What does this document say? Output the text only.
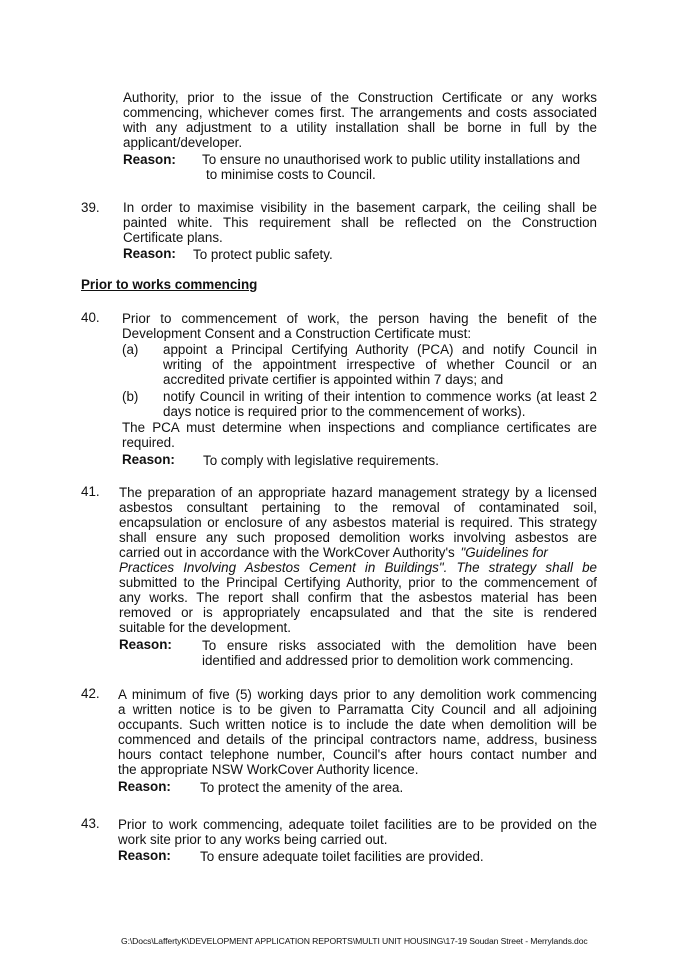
Authority, prior to the issue of the Construction Certificate or any works
commencing, whichever comes first. The arrangements and costs associated
with any adjustment to a utility installation shall be borne in full by the
applicant/developer.
Reason: To ensure no unauthorised work to public utility installations and
to minimise costs to Council.
39. In order to maximise visibility in the basement carpark, the ceiling shall be
painted white. This requirement shall be reflected on the Construction
Certificate plans.
Reason: To protect public safety.
Prior to works commencing
40. Prior to commencement of work, the person having the benefit of the
Development Consent and a Construction Certificate must:
(a) appoint a Principal Certifying Authority (PCA) and notify Council in
writing of the appointment irrespective of whether Council or an
accredited private certifier is appointed within 7 days; and
(b) notify Council in writing of their intention to commence works (at least 2
days notice is required prior to the commencement of works).
The PCA must determine when inspections and compliance certificates are
required.
Reason: To comply with legislative requirements.
41. The preparation of an appropriate hazard management strategy by a licensed
asbestos consultant pertaining to the removal of contaminated soil,
encapsulation or enclosure of any asbestos material is required. This strategy
shall ensure any such proposed demolition works involving asbestos are
carried out in accordance with the WorkCover Authority's "Guidelines for
Practices Involving Asbestos Cement in Buildings". The strategy shall be
submitted to the Principal Certifying Authority, prior to the commencement of
any works. The report shall confirm that the asbestos material has been
removed or is appropriately encapsulated and that the site is rendered
suitable for the development.
Reason: To ensure risks associated with the demolition have been
identified and addressed prior to demolition work commencing.
42. A minimum of five (5) working days prior to any demolition work commencing
a written notice is to be given to Parramatta City Council and all adjoining
occupants. Such written notice is to include the date when demolition will be
commenced and details of the principal contractors name, address, business
hours contact telephone number, Council's after hours contact number and
the appropriate NSW WorkCover Authority licence.
Reason: To protect the amenity of the area.
43. Prior to work commencing, adequate toilet facilities are to be provided on the
work site prior to any works being carried out.
Reason: To ensure adequate toilet facilities are provided.
G:\Docs\LaffertyK\DEVELOPMENT APPLICATION REPORTS\MULTI UNIT HOUSING\17-19 Soudan Street - Merrylands.doc
